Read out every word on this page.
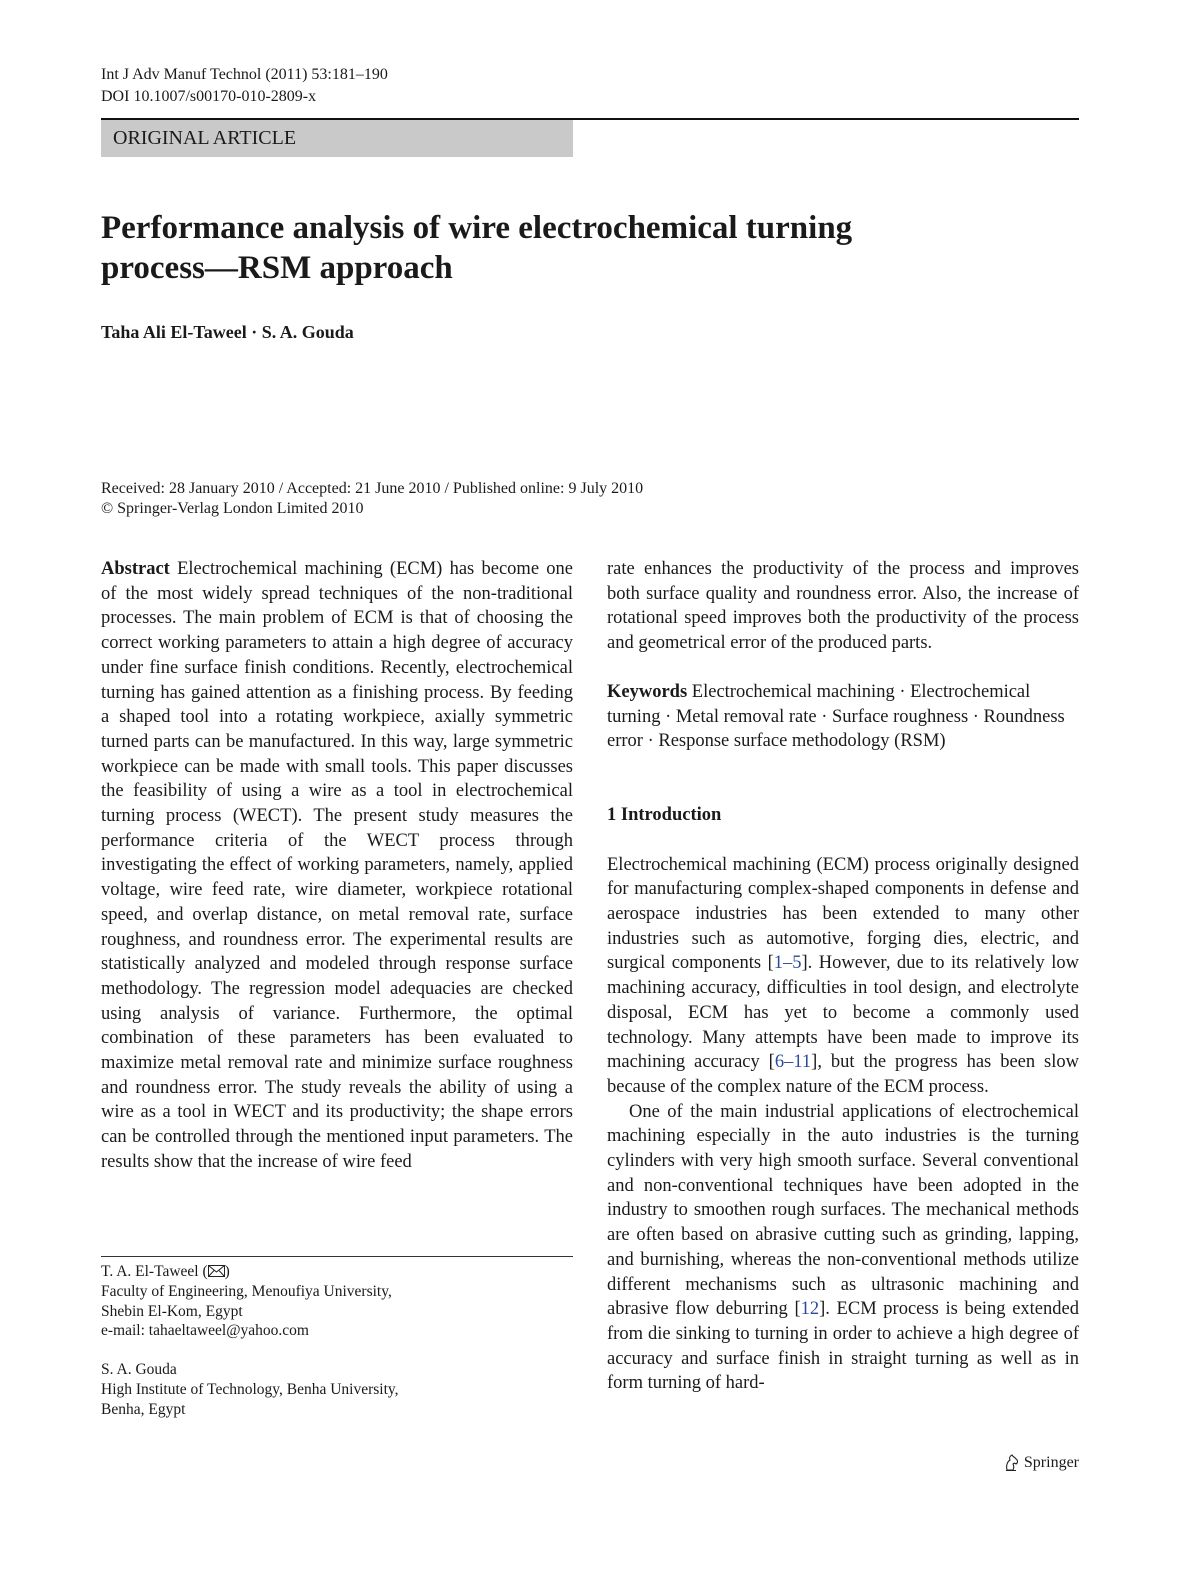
Int J Adv Manuf Technol (2011) 53:181–190
DOI 10.1007/s00170-010-2809-x
ORIGINAL ARTICLE
Performance analysis of wire electrochemical turning
process—RSM approach
Taha Ali El-Taweel · S. A. Gouda
Received: 28 January 2010 / Accepted: 21 June 2010 / Published online: 9 July 2010
© Springer-Verlag London Limited 2010

Abstract Electrochemical machining (ECM) has become one of the most widely spread techniques of the non-traditional processes. The main problem of ECM is that of choosing the correct working parameters to attain a high degree of accuracy under fine surface finish conditions. Recently, electrochemical turning has gained attention as a finishing process. By feeding a shaped tool into a rotating workpiece, axially symmetric turned parts can be manufactured. In this way, large symmetric workpiece can be made with small tools. This paper discusses the feasibility of using a wire as a tool in electrochemical turning process (WECT). The present study measures the performance criteria of the WECT process through investigating the effect of working parameters, namely, applied voltage, wire feed rate, wire diameter, workpiece rotational speed, and overlap distance, on metal removal rate, surface roughness, and roundness error. The experimental results are statistically analyzed and modeled through response surface methodology. The regression model adequacies are checked using analysis of variance. Furthermore, the optimal combination of these parameters has been evaluated to maximize metal removal rate and minimize surface roughness and roundness error. The study reveals the ability of using a wire as a tool in WECT and its productivity; the shape errors can be controlled through the mentioned input parameters. The results show that the increase of wire feed

rate enhances the productivity of the process and improves both surface quality and roundness error. Also, the increase of rotational speed improves both the productivity of the process and geometrical error of the produced parts.

Keywords Electrochemical machining · Electrochemical turning · Metal removal rate · Surface roughness · Roundness error · Response surface methodology (RSM)

1 Introduction

Electrochemical machining (ECM) process originally designed for manufacturing complex-shaped components in defense and aerospace industries has been extended to many other industries such as automotive, forging dies, electric, and surgical components [1–5]. However, due to its relatively low machining accuracy, difficulties in tool design, and electrolyte disposal, ECM has yet to become a commonly used technology. Many attempts have been made to improve its machining accuracy [6–11], but the progress has been slow because of the complex nature of the ECM process.

One of the main industrial applications of electrochemical machining especially in the auto industries is the turning cylinders with very high smooth surface. Several conventional and non-conventional techniques have been adopted in the industry to smoothen rough surfaces. The mechanical methods are often based on abrasive cutting such as grinding, lapping, and burnishing, whereas the non-conventional methods utilize different mechanisms such as ultrasonic machining and abrasive flow deburring [12]. ECM process is being extended from die sinking to turning in order to achieve a high degree of accuracy and surface finish in straight turning as well as in form turning of hard-

T. A. El-Taweel ( )

Faculty of Engineering, Menoufiya University,

Shebin El-Kom, Egypt

e-mail: tahaeltaweel@yahoo.com

S. A. Gouda

High Institute of Technology, Benha University,

Benha, Egypt

Springer
